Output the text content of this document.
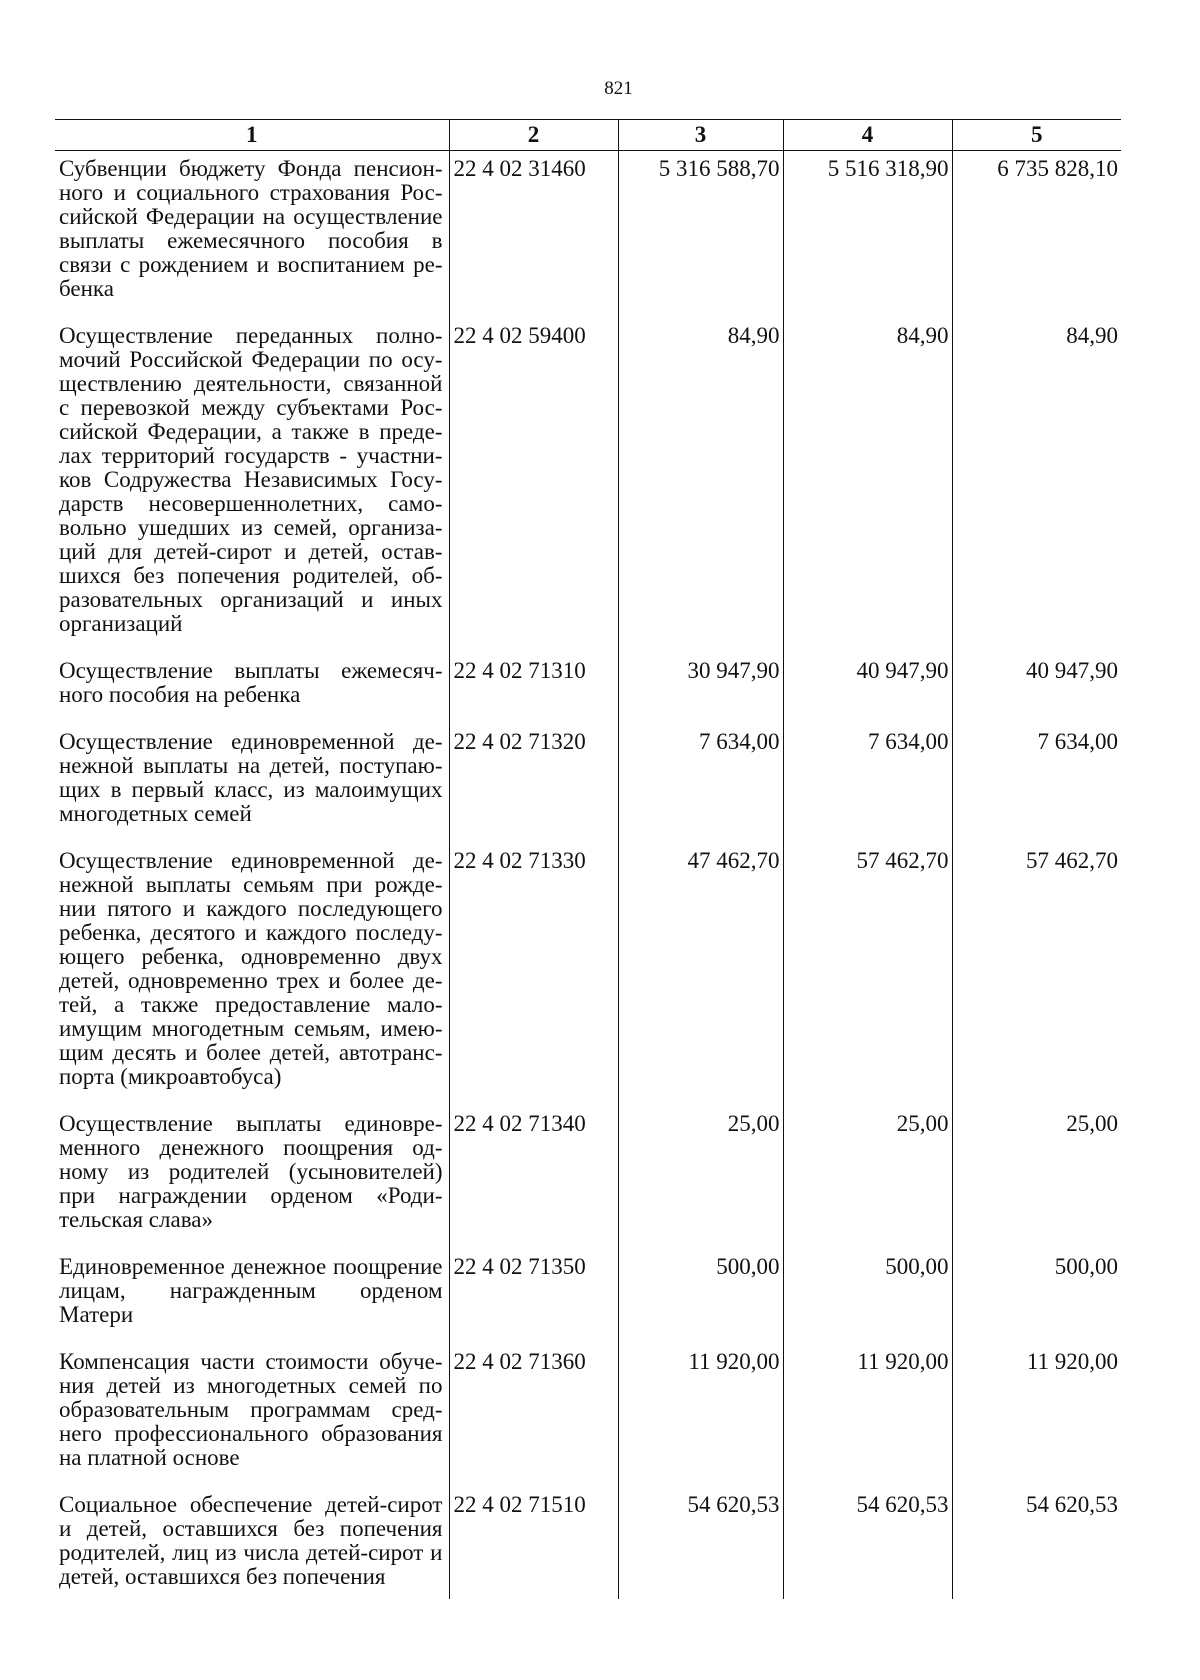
821
1	2	3	4	5
Субвенции бюджету Фонда пенсионного и социального страхования Российской Федерации на осуществление выплаты ежемесячного пособия в связи с рождением и воспитанием ребенка	22 4 02 31460	5 316 588,70	5 516 318,90	6 735 828,10
Осуществление переданных полномочий Российской Федерации по осуществлению деятельности, связанной с перевозкой между субъектами Российской Федерации, а также в пределах территорий государств - участников Содружества Независимых Государств несовершеннолетних, самовольно ушедших из семей, организаций для детей-сирот и детей, оставшихся без попечения родителей, образовательных организаций и иных организаций	22 4 02 59400	84,90	84,90	84,90
Осуществление выплаты ежемесячного пособия на ребенка	22 4 02 71310	30 947,90	40 947,90	40 947,90
Осуществление единовременной денежной выплаты на детей, поступающих в первый класс, из малоимущих многодетных семей	22 4 02 71320	7 634,00	7 634,00	7 634,00
Осуществление единовременной денежной выплаты семьям при рождении пятого и каждого последующего ребенка, десятого и каждого последующего ребенка, одновременно двух детей, одновременно трех и более детей, а также предоставление малоимущим многодетным семьям, имеющим десять и более детей, автотранспорта (микроавтобуса)	22 4 02 71330	47 462,70	57 462,70	57 462,70
Осуществление выплаты единовременного денежного поощрения одному из родителей (усыновителей) при награждении орденом «Родительская слава»	22 4 02 71340	25,00	25,00	25,00
Единовременное денежное поощрение лицам, награжденным орденом Матери	22 4 02 71350	500,00	500,00	500,00
Компенсация части стоимости обучения детей из многодетных семей по образовательным программам среднего профессионального образования на платной основе	22 4 02 71360	11 920,00	11 920,00	11 920,00
Социальное обеспечение детей-сирот и детей, оставшихся без попечения родителей, лиц из числа детей-сирот и детей, оставшихся без попечения	22 4 02 71510	54 620,53	54 620,53	54 620,53
